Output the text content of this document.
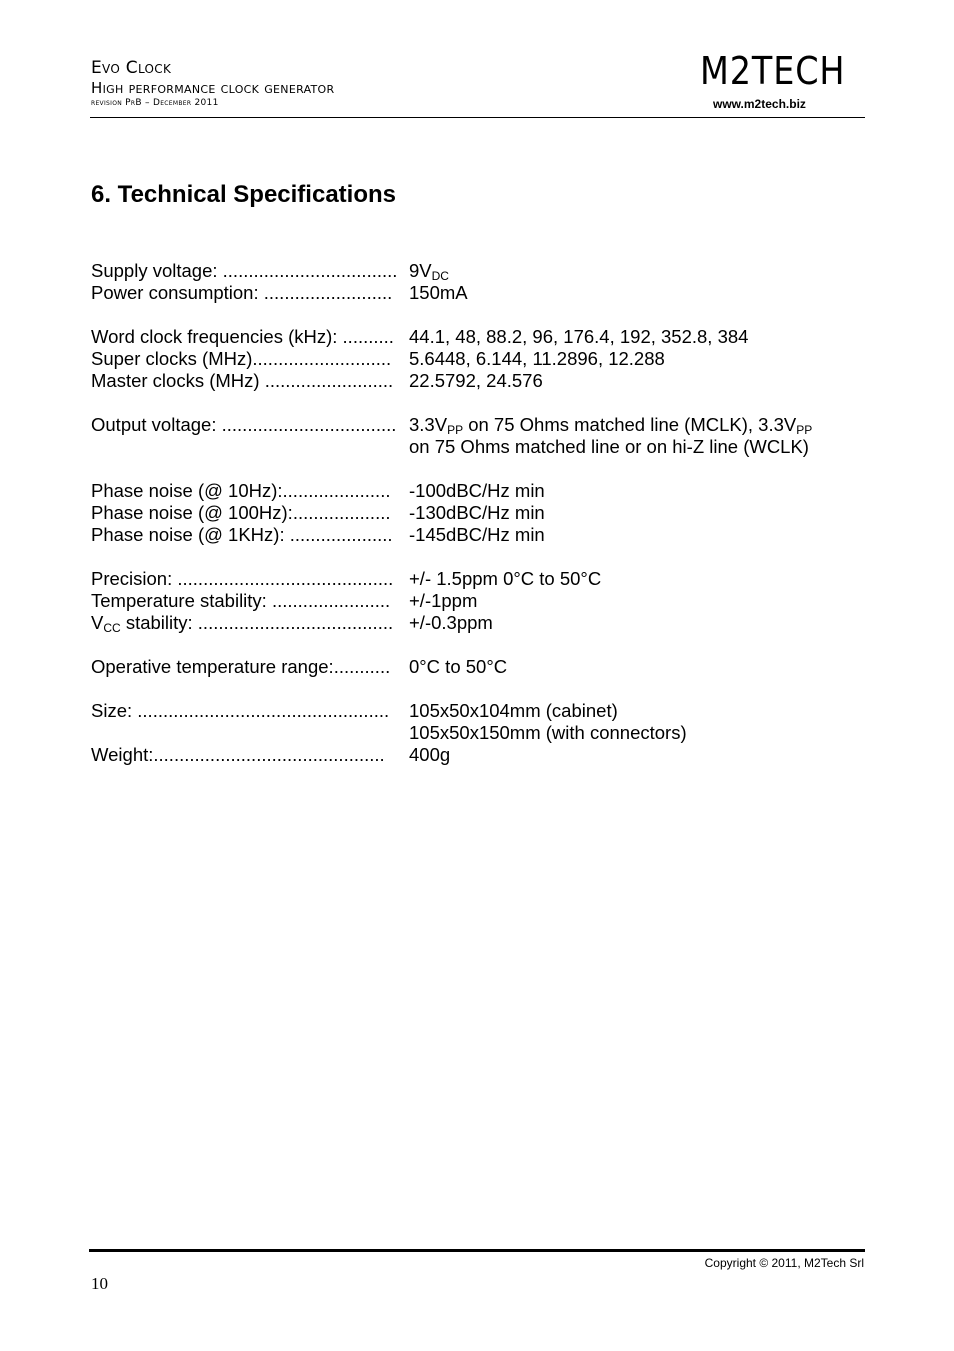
Evo Clock
High performance clock generator
revision PrB – December 2011
M2TECH
www.m2tech.biz
6. Technical Specifications
Supply voltage: .................................. $9V_{DC}$
Power consumption: ......................... 150mA
Word clock frequencies (kHz): .......... 44.1, 48, 88.2, 96, 176.4, 192, 352.8, 384
Super clocks (MHz)........................... 5.6448, 6.144, 11.2896, 12.288
Master clocks (MHz) ......................... 22.5792, 24.576
Output voltage: .................................. $3.3V_{PP}$ on 75 Ohms matched line (MCLK), $3.3V_{PP}$
on 75 Ohms matched line or on hi-Z line (WCLK)
Phase noise (@ 10Hz):.....................	-100dBC/Hz min
Phase noise (@ 100Hz):...................	-130dBC/Hz min
Phase noise (@ 1KHz): .................... -145dBC/Hz min
Precision: .......................................... +/- 1.5ppm 0°C to 50°C
Temperature stability: .......................	+/-1ppm
$V_{CC}$ stability: ...................................... +/-0.3ppm
Operative temperature range:...........	0°C to 50°C
Size: .................................................	105x50x104mm (cabinet)
105x50x150mm (with connectors)
Weight:.............................................	400g
Copyright © 2011, M2Tech Srl
10
